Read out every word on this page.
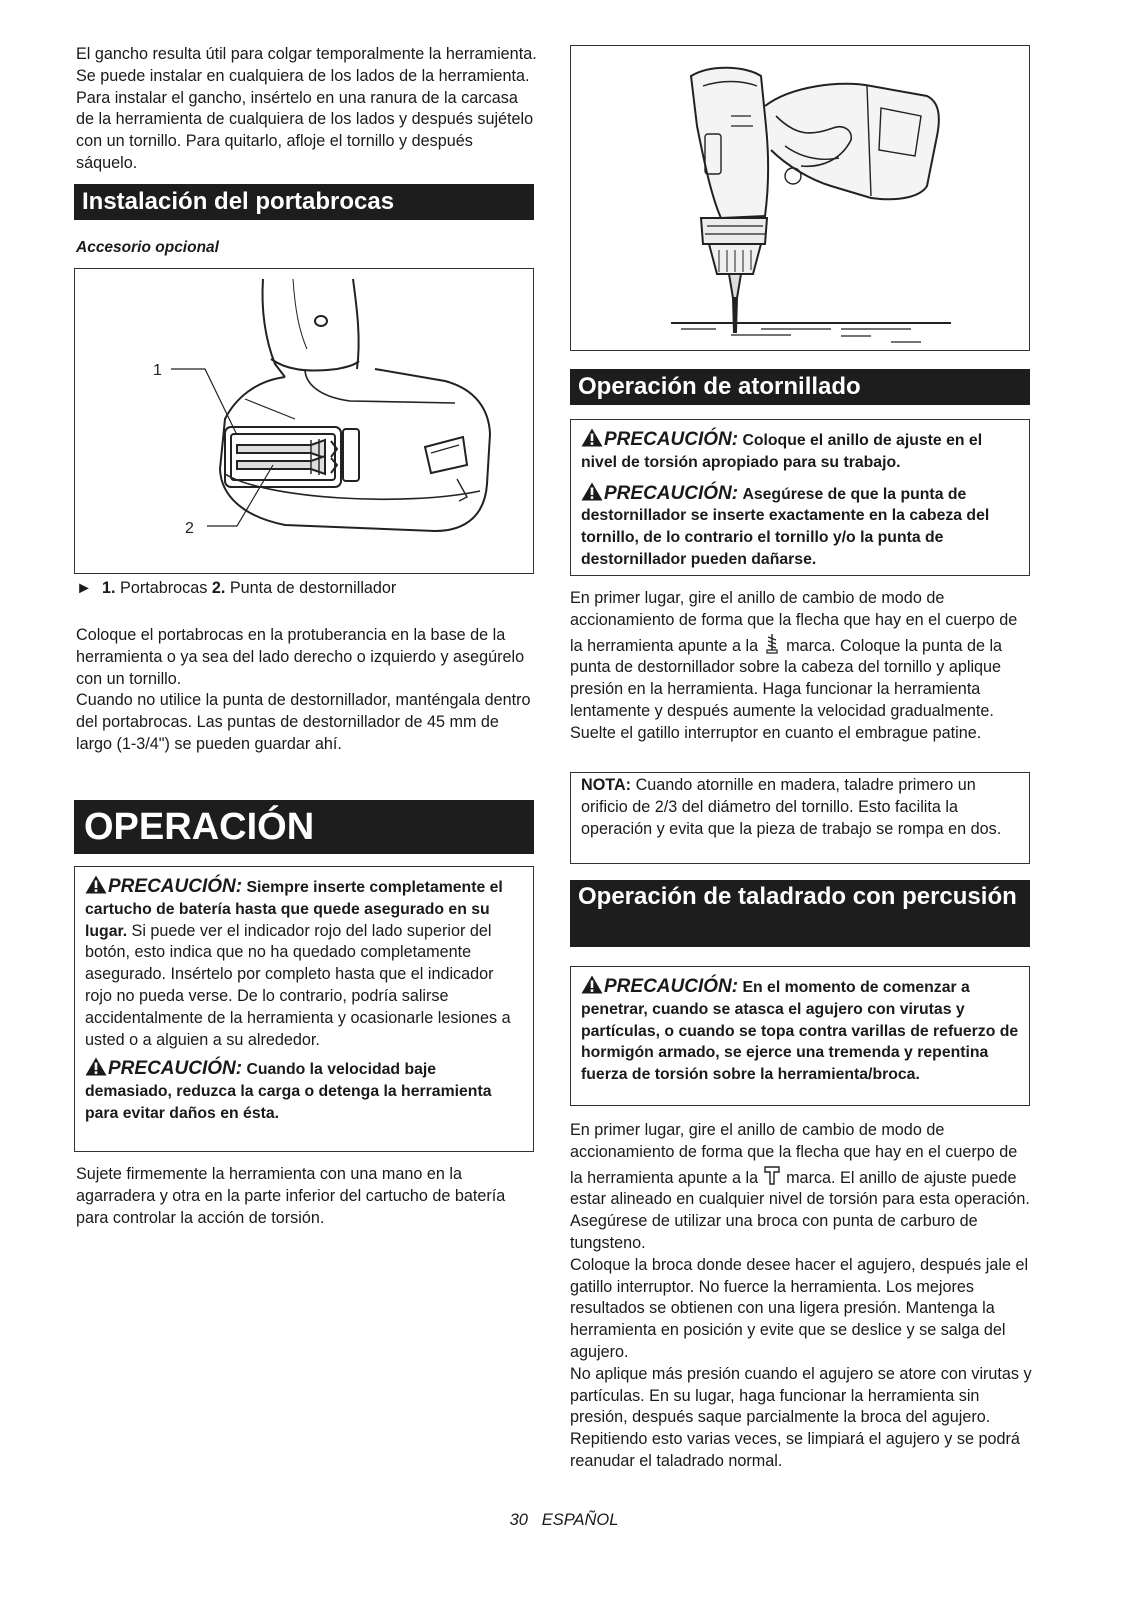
El gancho resulta útil para colgar temporalmente la herramienta. Se puede instalar en cualquiera de los lados de la herramienta. Para instalar el gancho, insértelo en una ranura de la carcasa de la herramienta de cualquiera de los lados y después sujételo con un tornillo. Para quitarlo, afloje el tornillo y después sáquelo.

Instalación del portabrocas

Accesorio opcional

1
2

► 1. Portabrocas 2. Punta de destornillador

Coloque el portabrocas en la protuberancia en la base de la herramienta o ya sea del lado derecho o izquierdo y asegúrelo con un tornillo.

Cuando no utilice la punta de destornillador, manténgala dentro del portabrocas. Las puntas de destornillador de 45 mm de largo (1-3/4") se pueden guardar ahí.

OPERACIÓN

PRECAUCIÓN: Siempre inserte completamente el cartucho de batería hasta que quede asegurado en su lugar. Si puede ver el indicador rojo del lado superior del botón, esto indica que no ha quedado completamente asegurado. Insértelo por completo hasta que el indicador rojo no pueda verse. De lo contrario, podría salirse accidentalmente de la herramienta y ocasionarle lesiones a usted o a alguien a su alrededor.

PRECAUCIÓN: Cuando la velocidad baje demasiado, reduzca la carga o detenga la herramienta para evitar daños en ésta.

Sujete firmemente la herramienta con una mano en la agarradera y otra en la parte inferior del cartucho de batería para controlar la acción de torsión.

Operación de atornillado

PRECAUCIÓN: Coloque el anillo de ajuste en el nivel de torsión apropiado para su trabajo.

PRECAUCIÓN: Asegúrese de que la punta de destornillador se inserte exactamente en la cabeza del tornillo, de lo contrario el tornillo y/o la punta de destornillador pueden dañarse.

En primer lugar, gire el anillo de cambio de modo de accionamiento de forma que la flecha que hay en el cuerpo de la herramienta apunte a la marca. Coloque la punta de la punta de destornillador sobre la cabeza del tornillo y aplique presión en la herramienta. Haga funcionar la herramienta lentamente y después aumente la velocidad gradualmente. Suelte el gatillo interruptor en cuanto el embrague patine.

NOTA: Cuando atornille en madera, taladre primero un orificio de 2/3 del diámetro del tornillo. Esto facilita la operación y evita que la pieza de trabajo se rompa en dos.

Operación de taladrado con percusión

PRECAUCIÓN: En el momento de comenzar a penetrar, cuando se atasca el agujero con virutas y partículas, o cuando se topa contra varillas de refuerzo de hormigón armado, se ejerce una tremenda y repentina fuerza de torsión sobre la herramienta/broca.

En primer lugar, gire el anillo de cambio de modo de accionamiento de forma que la flecha que hay en el cuerpo de la herramienta apunte a la marca. El anillo de ajuste puede estar alineado en cualquier nivel de torsión para esta operación.

Asegúrese de utilizar una broca con punta de carburo de tungsteno.

Coloque la broca donde desee hacer el agujero, después jale el gatillo interruptor. No fuerce la herramienta. Los mejores resultados se obtienen con una ligera presión. Mantenga la herramienta en posición y evite que se deslice y se salga del agujero.

No aplique más presión cuando el agujero se atore con virutas y partículas. En su lugar, haga funcionar la herramienta sin presión, después saque parcialmente la broca del agujero. Repitiendo esto varias veces, se limpiará el agujero y se podrá reanudar el taladrado normal.

30 ESPAÑOL
